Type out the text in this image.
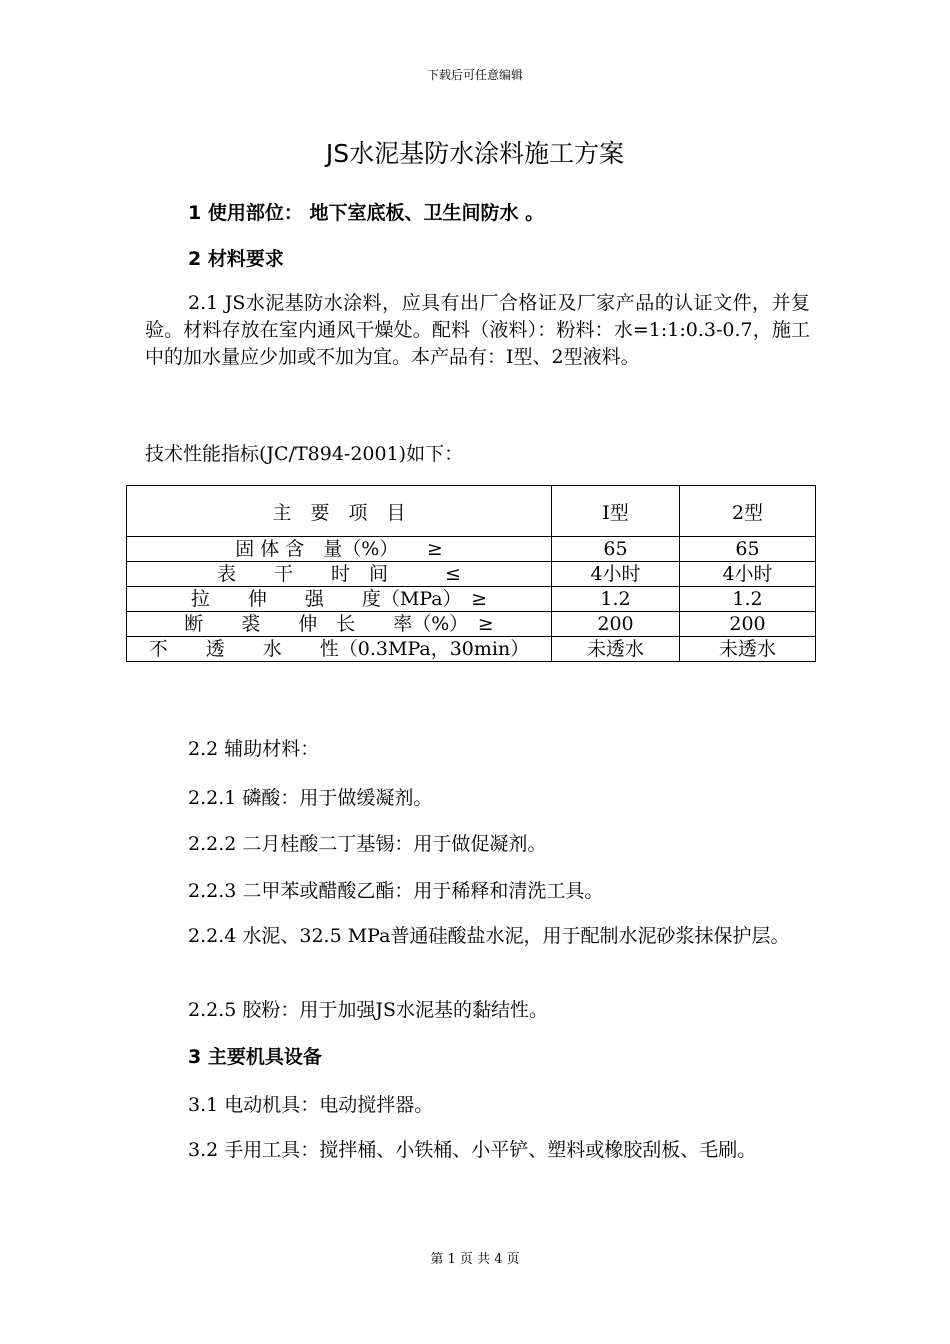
下载后可任意编辑
JS水泥基防水涂料施工方案
1 使用部位： 地下室底板、卫生间防水 。
2 材料要求
2.1 JS水泥基防水涂料，应具有出厂合格证及厂家产品的认证文件，并复验。材料存放在室内通风干燥处。配料（液料）：粉料：水=1:1:0.3-0.7，施工中的加水量应少加或不加为宜。本产品有：I型、2型液料。
技术性能指标(JC/T894-2001)如下：
主　要　项　目	I型	2型
固 体 含　量（%）　　≥	65	65
表　　干　　时　间　　　≤	4小时	4小时
拉　　伸　　强　　度（MPa）　≥	1.2	1.2
断　　裘　　伸　长　　率（%）　≥	200	200
不　　透　　水　　性（0.3MPa，30min）	未透水	未透水
2.2 辅助材料：
2.2.1 磷酸：用于做缓凝剂。
2.2.2 二月桂酸二丁基锡：用于做促凝剂。
2.2.3 二甲苯或醋酸乙酯：用于稀释和清洗工具。
2.2.4 水泥、32.5 MPa普通硅酸盐水泥，用于配制水泥砂浆抹保护层。
2.2.5 胶粉：用于加强JS水泥基的黏结性。
3 主要机具设备
3.1 电动机具：电动搅拌器。
3.2 手用工具：搅拌桶、小铁桶、小平铲、塑料或橡胶刮板、毛刷。
第 1 页 共 4 页
